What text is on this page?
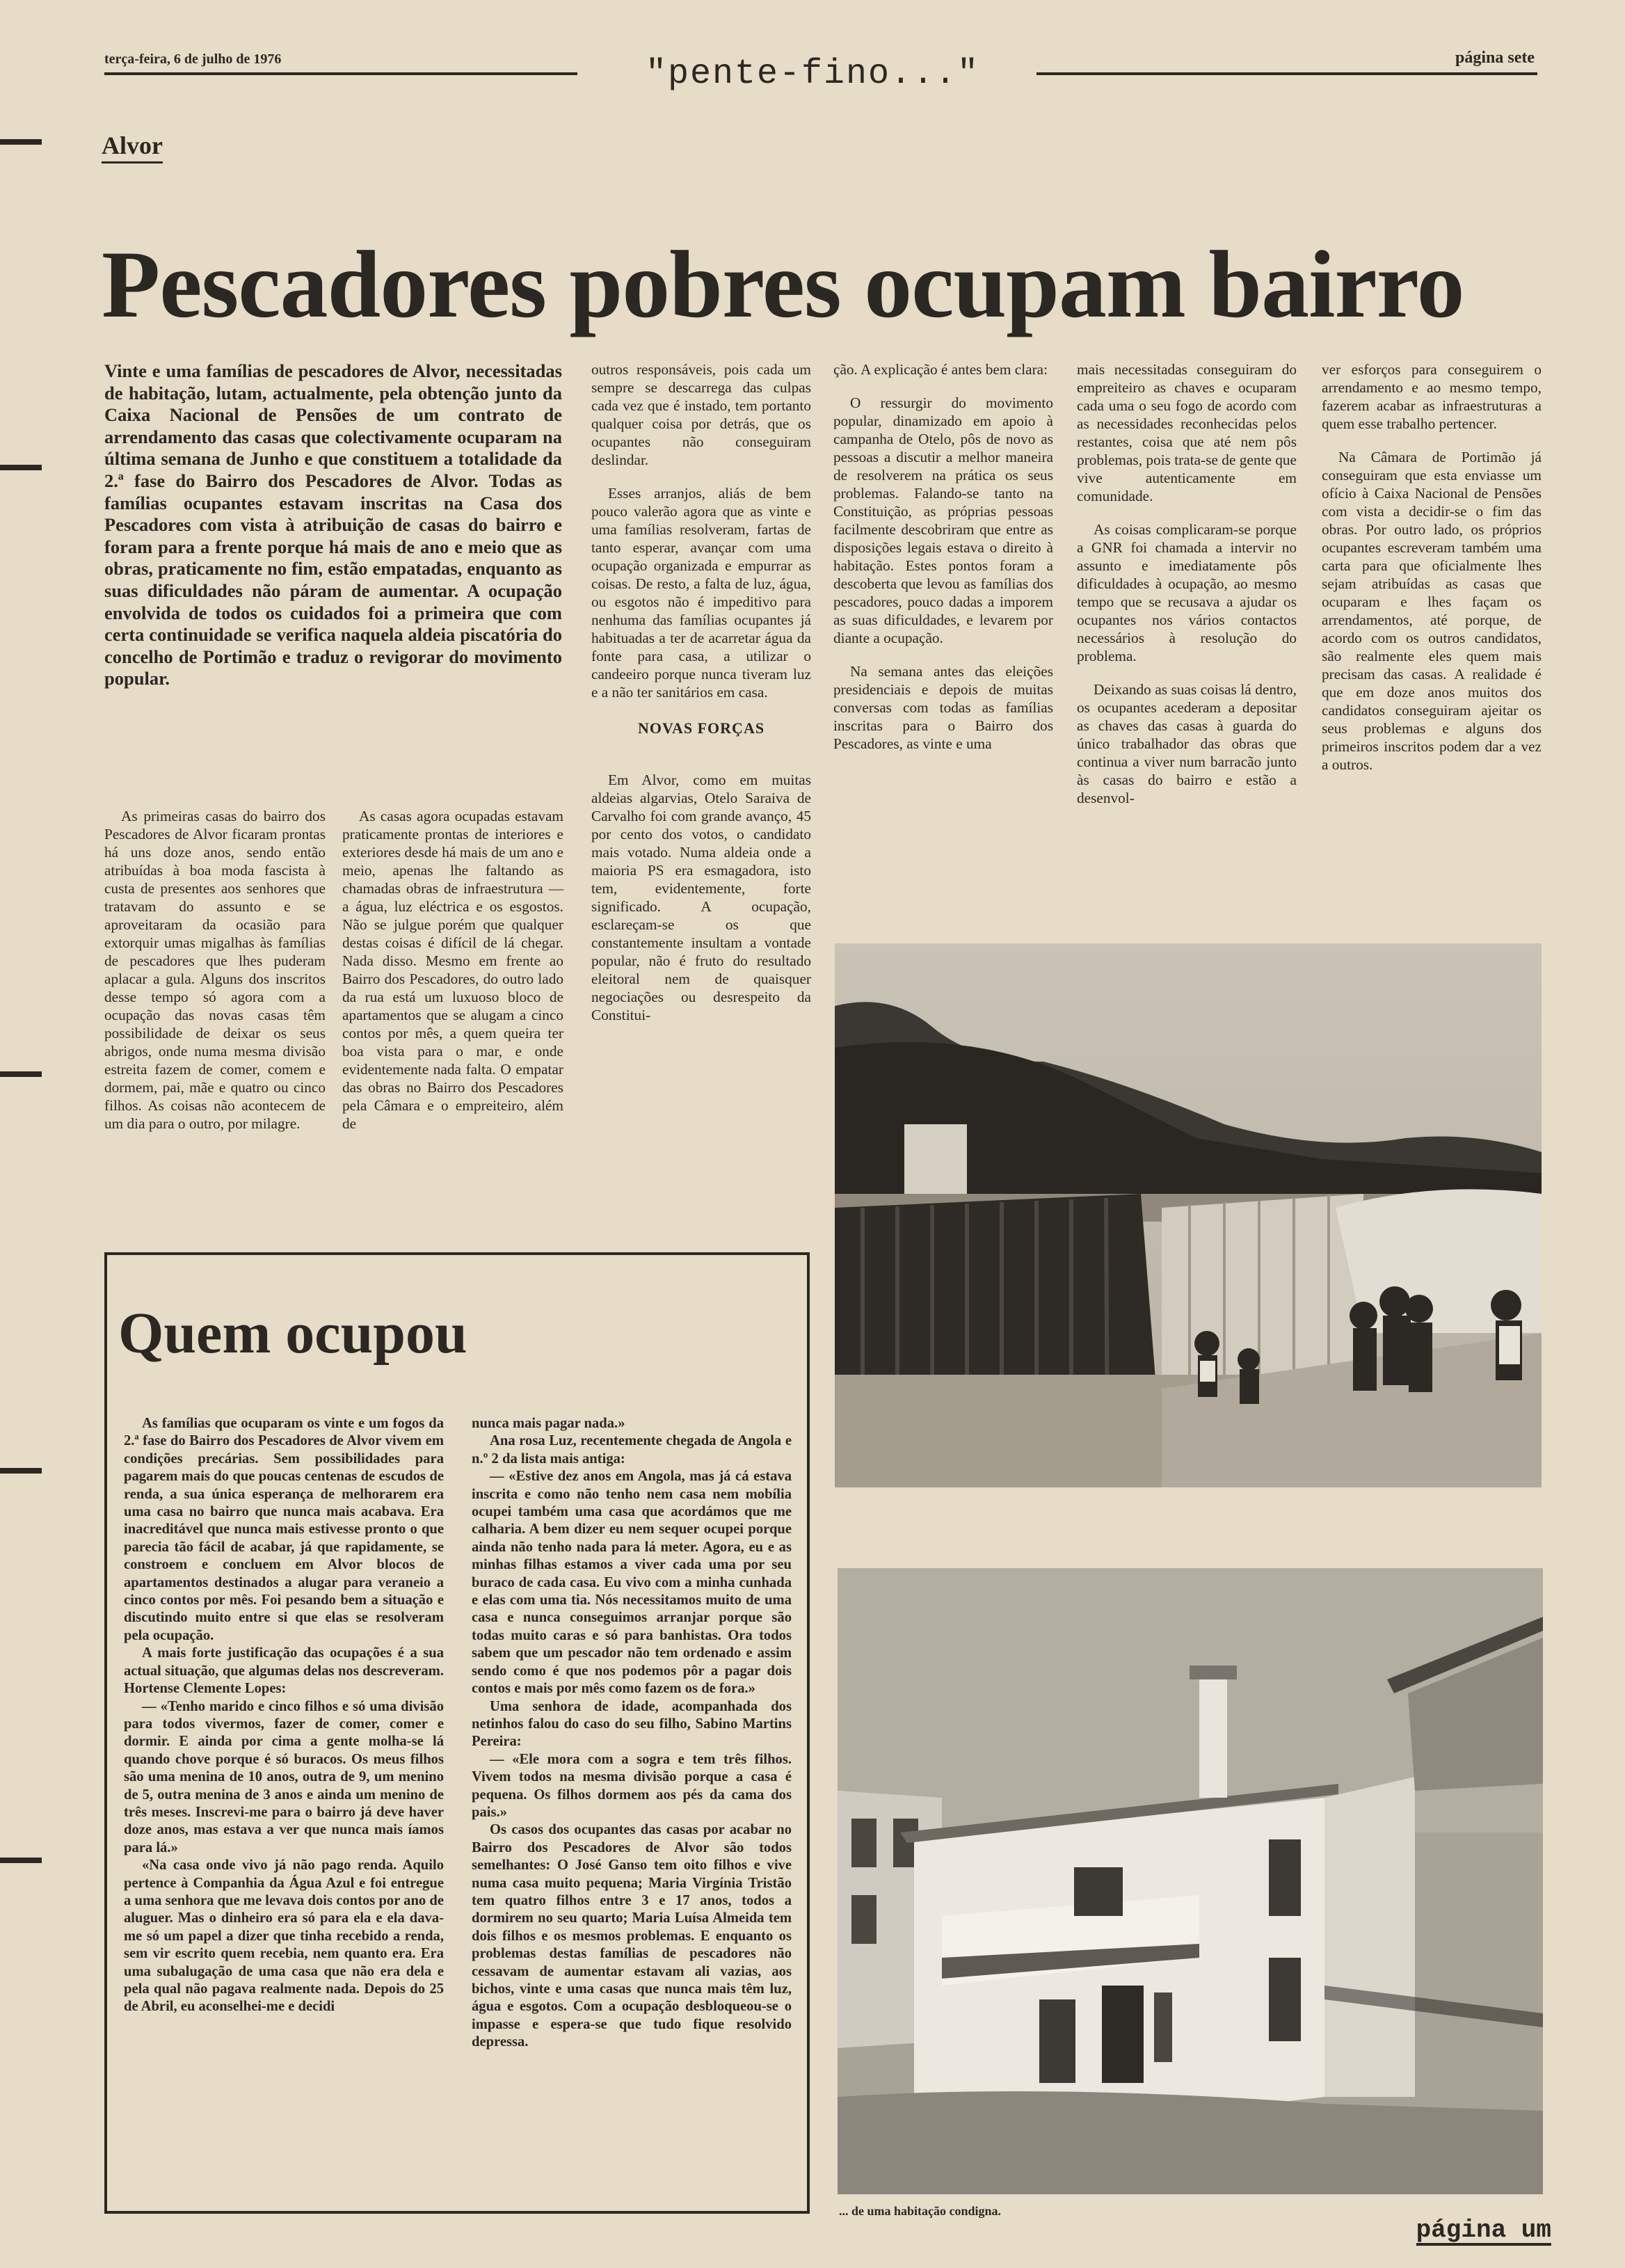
"pente-fino..."
terça-feira, 6 de julho de 1976	página sete
Alvor
Pescadores pobres ocupam bairro
Vinte e uma famílias de pescadores de Alvor, necessitadas de habitação, lutam, actualmente, pela obtenção junto da Caixa Nacional de Pensões de um contrato de arrendamento das casas que colectivamente ocuparam na última semana de Junho e que constituem a totalidade da 2.ª fase do Bairro dos Pescadores de Alvor. Todas as famílias ocupantes estavam inscritas na Casa dos Pescadores com vista à atribuição de casas do bairro e foram para a frente porque há mais de ano e meio que as obras, praticamente no fim, estão empatadas, enquanto as suas dificuldades não páram de aumentar. A ocupação envolvida de todos os cuidados foi a primeira que com certa continuidade se verifica naquela aldeia piscatória do concelho de Portimão e traduz o revigorar do movimento popular.

As primeiras casas do bairro dos Pescadores de Alvor ficaram prontas há uns doze anos, sendo então atribuídas à boa moda fascista à custa de presentes aos senhores que tratavam do assunto e se aproveitaram da ocasião para extorquir umas migalhas às famílias de pescadores que lhes puderam aplacar a gula. Alguns dos inscritos desse tempo só agora com a ocupação das novas casas têm possibilidade de deixar os seus abrigos, onde numa mesma divisão estreita fazem de comer, comem e dormem, pai, mãe e quatro ou cinco filhos. As coisas não acontecem de um dia para o outro, por milagre.

As casas agora ocupadas estavam praticamente prontas de interiores e exteriores desde há mais de um ano e meio, apenas lhe faltando as chamadas obras de infraestrutura — a água, luz eléctrica e os esgostos. Não se julgue porém que qualquer destas coisas é difícil de lá chegar. Nada disso. Mesmo em frente ao Bairro dos Pescadores, do outro lado da rua está um luxuoso bloco de apartamentos que se alugam a cinco contos por mês, a quem queira ter boa vista para o mar, e onde evidentemente nada falta. O empatar das obras no Bairro dos Pescadores pela Câmara e o empreiteiro, além de

outros responsáveis, pois cada um sempre se descarrega das culpas cada vez que é instado, tem portanto qualquer coisa por detrás, que os ocupantes não conseguiram deslindar.

Esses arranjos, aliás de bem pouco valerão agora que as vinte e uma famílias resolveram, fartas de tanto esperar, avançar com uma ocupação organizada e empurrar as coisas. De resto, a falta de luz, água, ou esgotos não é impeditivo para nenhuma das famílias ocupantes já habituadas a ter de acarretar água da fonte para casa, a utilizar o candeeiro porque nunca tiveram luz e a não ter sanitários em casa.

NOVAS FORÇAS

Em Alvor, como em muitas aldeias algarvias, Otelo Saraiva de Carvalho foi com grande avanço, 45 por cento dos votos, o candidato mais votado. Numa aldeia onde a maioria PS era esmagadora, isto tem, evidentemente, forte significado. A ocupação, esclareçam-se os que constantemente insultam a vontade popular, não é fruto do resultado eleitoral nem de quaisquer negociações ou desrespeito da Constitui-

ção. A explicação é antes bem clara:

O ressurgir do movimento popular, dinamizado em apoio à campanha de Otelo, pôs de novo as pessoas a discutir a melhor maneira de resolverem na prática os seus problemas. Falando-se tanto na Constituição, as próprias pessoas facilmente descobriram que entre as disposições legais estava o direito à habitação. Estes pontos foram a descoberta que levou as famílias dos pescadores, pouco dadas a imporem as suas dificuldades, e levarem por diante a ocupação.

Na semana antes das eleições presidenciais e depois de muitas conversas com todas as famílias inscritas para o Bairro dos Pescadores, as vinte e uma

mais necessitadas conseguiram do empreiteiro as chaves e ocuparam cada uma o seu fogo de acordo com as necessidades reconhecidas pelos restantes, coisa que até nem pôs problemas, pois trata-se de gente que vive autenticamente em comunidade.

As coisas complicaram-se porque a GNR foi chamada a intervir no assunto e imediatamente pôs dificuldades à ocupação, ao mesmo tempo que se recusava a ajudar os ocupantes nos vários contactos necessários à resolução do problema.

Deixando as suas coisas lá dentro, os ocupantes acederam a depositar as chaves das casas à guarda do único trabalhador das obras que continua a viver num barracão junto às casas do bairro e estão a desenvol-

ver esforços para conseguirem o arrendamento e ao mesmo tempo, fazerem acabar as infraestruturas a quem esse trabalho pertencer.

Na Câmara de Portimão já conseguiram que esta enviasse um ofício à Caixa Nacional de Pensões com vista a decidir-se o fim das obras. Por outro lado, os próprios ocupantes escreveram também uma carta para que oficialmente lhes sejam atribuídas as casas que ocuparam e lhes façam os arrendamentos, até porque, de acordo com os outros candidatos, são realmente eles quem mais precisam das casas. A realidade é que em doze anos muitos dos candidatos conseguiram ajeitar os seus problemas e alguns dos primeiros inscritos podem dar a vez a outros.

... de uma habitação condigna.
Quem ocupou

As famílias que ocuparam os vinte e um fogos da 2.ª fase do Bairro dos Pescadores de Alvor vivem em condições precárias. Sem possibilidades para pagarem mais do que poucas centenas de escudos de renda, a sua única esperança de melhorarem era uma casa no bairro que nunca mais acabava. Era inacreditável que nunca mais estivesse pronto o que parecia tão fácil de acabar, já que rapidamente, se constroem e concluem em Alvor blocos de apartamentos destinados a alugar para veraneio a cinco contos por mês. Foi pesando bem a situação e discutindo muito entre si que elas se resolveram pela ocupação.

A mais forte justificação das ocupações é a sua actual situação, que algumas delas nos descreveram. Hortense Clemente Lopes:

— «Tenho marido e cinco filhos e só uma divisão para todos vivermos, fazer de comer, comer e dormir. E ainda por cima a gente molha-se lá quando chove porque é só buracos. Os meus filhos são uma menina de 10 anos, outra de 9, um menino de 5, outra menina de 3 anos e ainda um menino de três meses. Inscrevi-me para o bairro já deve haver doze anos, mas estava a ver que nunca mais íamos para lá.»

«Na casa onde vivo já não pago renda. Aquilo pertence à Companhia da Água Azul e foi entregue a uma senhora que me levava dois contos por ano de aluguer. Mas o dinheiro era só para ela e ela dava-me só um papel a dizer que tinha recebido a renda, sem vir escrito quem recebia, nem quanto era. Era uma subalugação de uma casa que não era dela e pela qual não pagava realmente nada. Depois do 25 de Abril, eu aconselhei-me e decidi

nunca mais pagar nada.»

Ana rosa Luz, recentemente chegada de Angola e n.º 2 da lista mais antiga:

— «Estive dez anos em Angola, mas já cá estava inscrita e como não tenho nem casa nem mobília ocupei também uma casa que acordámos que me calharia. A bem dizer eu nem sequer ocupei porque ainda não tenho nada para lá meter. Agora, eu e as minhas filhas estamos a viver cada uma por seu buraco de cada casa. Eu vivo com a minha cunhada e elas com uma tia. Nós necessitamos muito de uma casa e nunca conseguimos arranjar porque são todas muito caras e só para banhistas. Ora todos sabem que um pescador não tem ordenado e assim sendo como é que nos podemos pôr a pagar dois contos e mais por mês como fazem os de fora.»

Uma senhora de idade, acompanhada dos netinhos falou do caso do seu filho, Sabino Martins Pereira:

— «Ele mora com a sogra e tem três filhos. Vivem todos na mesma divisão porque a casa é pequena. Os filhos dormem aos pés da cama dos pais.»

Os casos dos ocupantes das casas por acabar no Bairro dos Pescadores de Alvor são todos semelhantes: O José Ganso tem oito filhos e vive numa casa muito pequena; Maria Virgínia Tristão tem quatro filhos entre 3 e 17 anos, todos a dormirem no seu quarto; Maria Luísa Almeida tem dois filhos e os mesmos problemas. E enquanto os problemas destas famílias de pescadores não cessavam de aumentar estavam ali vazias, aos bichos, vinte e uma casas que nunca mais têm luz, água e esgotos. Com a ocupação desbloqueou-se o impasse e espera-se que tudo fique resolvido depressa.

página um
